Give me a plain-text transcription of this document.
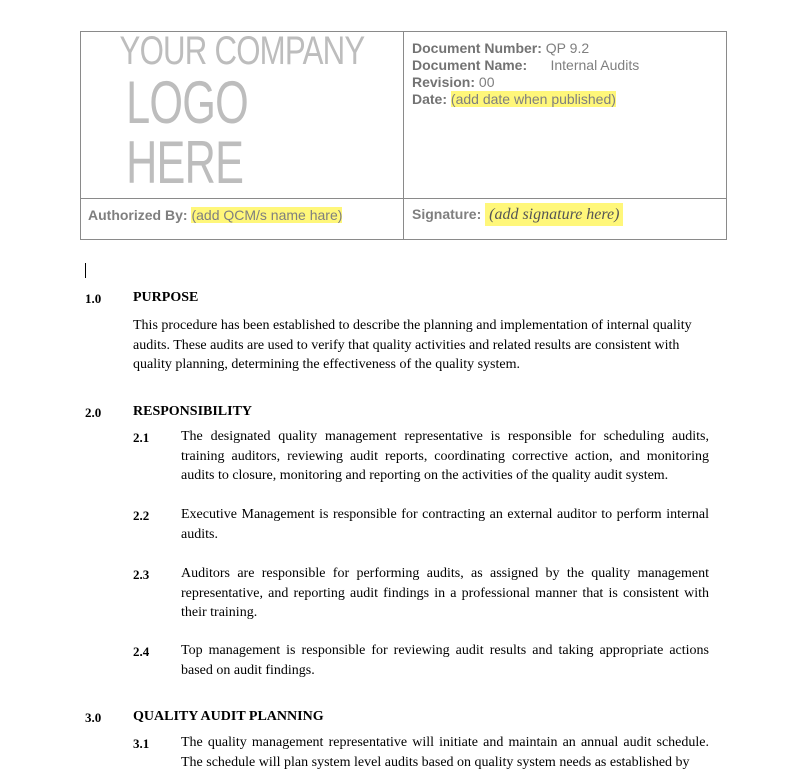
YOUR COMPANY
LOGO HERE
Document Number: QP 9.2
Document Name: Internal Audits
Revision: 00
Date: (add date when published)
Authorized By: (add QCM/s name hare)	Signature: (add signature here)
1.0 PURPOSE
This procedure has been established to describe the planning and implementation of internal quality audits. These audits are used to verify that quality activities and related results are consistent with quality planning, determining the effectiveness of the quality system.
2.0 RESPONSIBILITY
2.1 The designated quality management representative is responsible for scheduling audits, training auditors, reviewing audit reports, coordinating corrective action, and monitoring audits to closure, monitoring and reporting on the activities of the quality audit system.
2.2 Executive Management is responsible for contracting an external auditor to perform internal audits.
2.3 Auditors are responsible for performing audits, as assigned by the quality management representative, and reporting audit findings in a professional manner that is consistent with their training.
2.4 Top management is responsible for reviewing audit results and taking appropriate actions based on audit findings.
3.0 QUALITY AUDIT PLANNING
3.1 The quality management representative will initiate and maintain an annual audit schedule. The schedule will plan system level audits based on quality system needs as established by
